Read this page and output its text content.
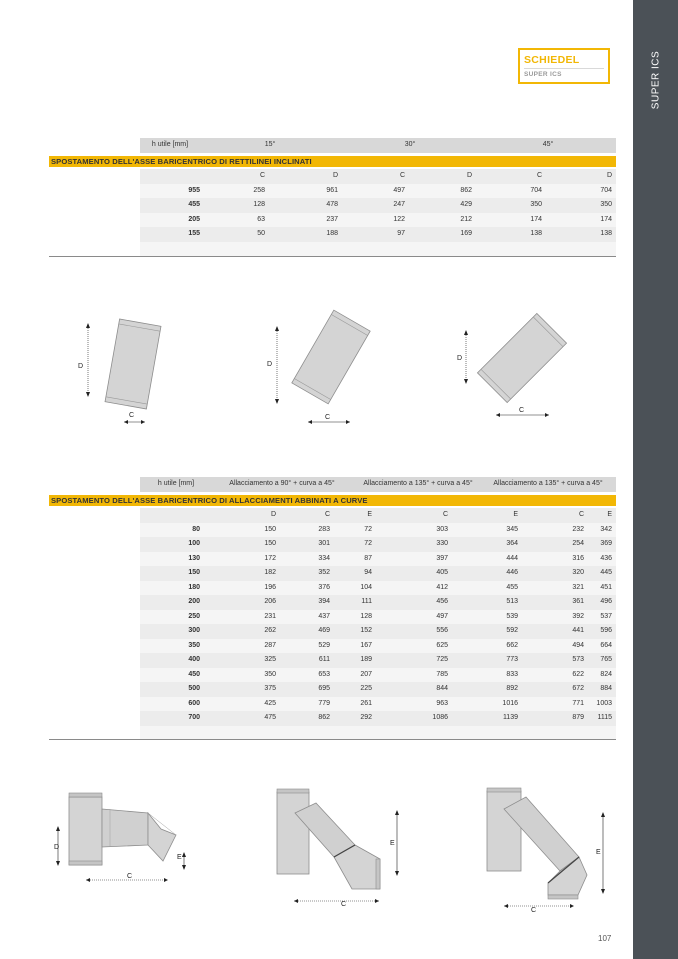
SUPER ICS
SCHIEDEL
SUPER ICS
h utile [mm]	15°	30°	45°
SPOSTAMENTO DELL'ASSE BARICENTRICO DI RETTILINEI INCLINATI
C	D	C	D	C	D
955	258	961	497	862	704	704
455	128	478	247	429	350	350
205	63	237	122	212	174	174
155	50	188	97	169	138	138
D
C
D
C
D
C
h utile [mm]	Allacciamento a 90° + curva a 45°	Allacciamento a 135° + curva a 45°	Allacciamento a 135° + curva a 45°
SPOSTAMENTO DELL'ASSE BARICENTRICO DI ALLACCIAMENTI ABBINATI A CURVE
D	C	E	C	E	C	E
80	150	283	72	303	345	232	342
100	150	301	72	330	364	254	369
130	172	334	87	397	444	316	436
150	182	352	94	405	446	320	445
180	196	376	104	412	455	321	451
200	206	394	111	456	513	361	496
250	231	437	128	497	539	392	537
300	262	469	152	556	592	441	596
350	287	529	167	625	662	494	664
400	325	611	189	725	773	573	765
450	350	653	207	785	833	622	824
500	375	695	225	844	892	672	884
600	425	779	261	963	1016	771	1003
700	475	862	292	1086	1139	879	1115
D
E
C
E
C
E
C
107
